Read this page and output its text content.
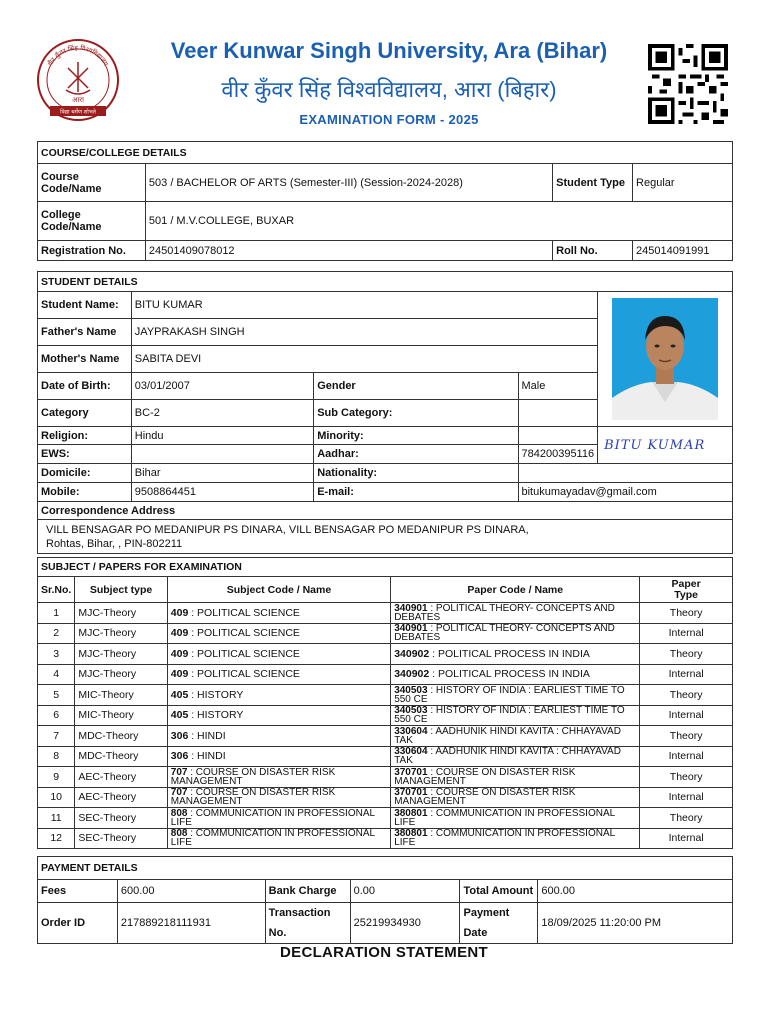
वीर कुँवर सिंह विश्वविद्यालय
आरा
विद्या धर्मेण शोभते
Veer Kunwar Singh University, Ara (Bihar)
वीर कुँवर सिंह विश्वविद्यालय, आरा (बिहार)
EXAMINATION FORM - 2025
COURSE/COLLEGE DETAILS			
Course Code/Name	503 / BACHELOR OF ARTS (Semester-III) (Session-2024-2028)	Student Type	Regular
College Code/Name	501 / M.V.COLLEGE, BUXAR		
Registration No.	24501409078012	Roll No.	245014091991
STUDENT DETAILS				
Student Name:	BITU KUMAR	

Father's Name	JAYPRAKASH SINGH			
Mother's Name	SABITA DEVI			
Date of Birth:	03/01/2007	Gender	Male	
Category	BC-2	Sub Category:		
Religion:	Hindu	Minority:		BITU KUMAR
EWS:		Aadhar:	784200395116	
Domicile:	Bihar	Nationality:		
Mobile:	9508864451	E-mail:	bitukumayadav@gmail.com	
Correspondence Address				

VILL BENSAGAR PO MEDANIPUR PS DINARA, VILL BENSAGAR PO MEDANIPUR PS DINARA,
Rohtas, Bihar, , PIN-802211				
SUBJECT / PAPERS FOR EXAMINATION				
Sr.No.	Subject type	Subject Code / Name	Paper Code / Name	Paper Type
1	MJC-Theory	409 : POLITICAL SCIENCE	340901 : POLITICAL THEORY- CONCEPTS AND DEBATES	Theory
2	MJC-Theory	409 : POLITICAL SCIENCE	340901 : POLITICAL THEORY- CONCEPTS AND DEBATES	Internal
3	MJC-Theory	409 : POLITICAL SCIENCE	340902 : POLITICAL PROCESS IN INDIA	Theory
4	MJC-Theory	409 : POLITICAL SCIENCE	340902 : POLITICAL PROCESS IN INDIA	Internal
5	MIC-Theory	405 : HISTORY	340503 : HISTORY OF INDIA : EARLIEST TIME TO 550 CE	Theory
6	MIC-Theory	405 : HISTORY	340503 : HISTORY OF INDIA : EARLIEST TIME TO 550 CE	Internal
7	MDC-Theory	306 : HINDI	330604 : AADHUNIK HINDI KAVITA : CHHAYAVAD TAK	Theory
8	MDC-Theory	306 : HINDI	330604 : AADHUNIK HINDI KAVITA : CHHAYAVAD TAK	Internal
9	AEC-Theory	707 : COURSE ON DISASTER RISK MANAGEMENT	370701 : COURSE ON DISASTER RISK MANAGEMENT	Theory
10	AEC-Theory	707 : COURSE ON DISASTER RISK MANAGEMENT	370701 : COURSE ON DISASTER RISK MANAGEMENT	Internal
11	SEC-Theory	808 : COMMUNICATION IN PROFESSIONAL LIFE	380801 : COMMUNICATION IN PROFESSIONAL LIFE	Theory
12	SEC-Theory	808 : COMMUNICATION IN PROFESSIONAL LIFE	380801 : COMMUNICATION IN PROFESSIONAL LIFE	Internal
PAYMENT DETAILS					
Fees	600.00	Bank Charge	0.00	Total Amount	600.00
Order ID	217889218111931	Transaction No.	25219934930	Payment Date	18/09/2025 11:20:00 PM
DECLARATION STATEMENT
